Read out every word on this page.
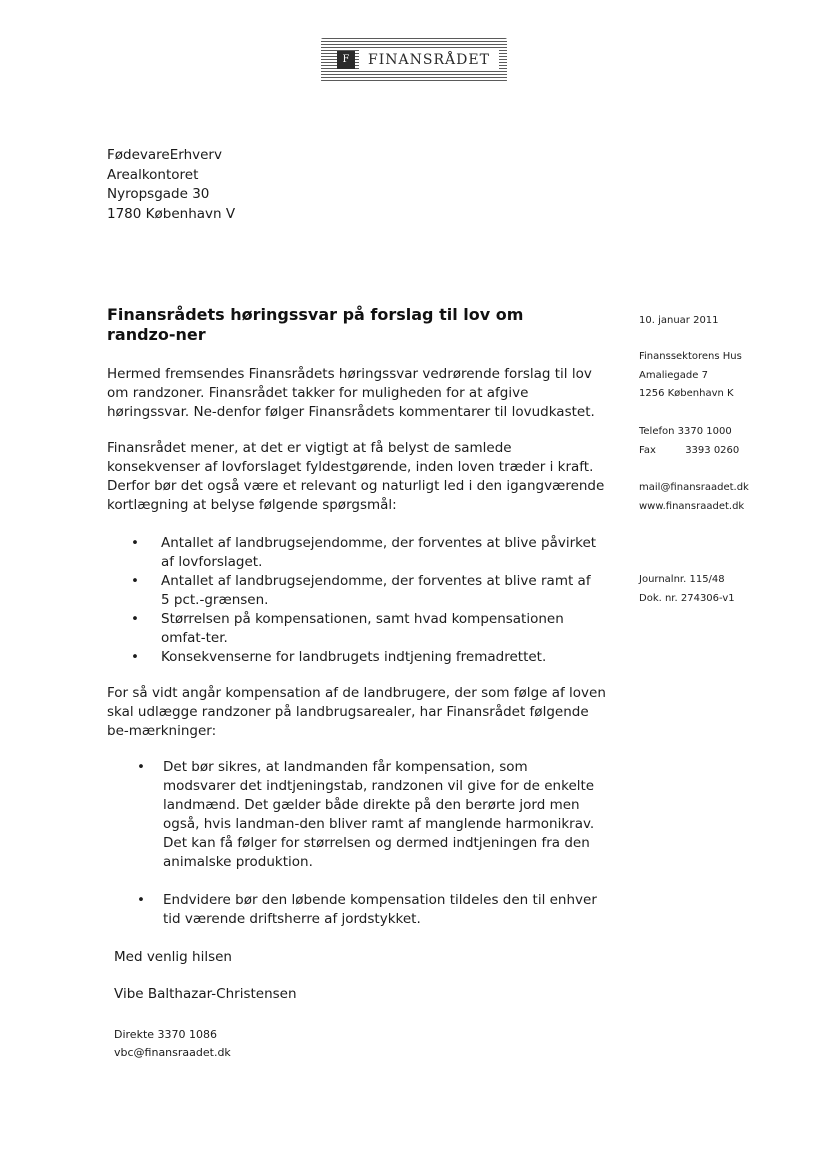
F	FINANSRÅDET
FødevareErhverv
Arealkontoret
Nyropsgade 30
1780 København V
Finansrådets høringssvar på forslag til lov om randzo-ner
Hermed fremsendes Finansrådets høringssvar vedrørende forslag til lov om randzoner. Finansrådet takker for muligheden for at afgive høringssvar. Ne-denfor følger Finansrådets kommentarer til lovudkastet.
Finansrådet mener, at det er vigtigt at få belyst de samlede konsekvenser af lovforslaget fyldestgørende, inden loven træder i kraft. Derfor bør det også være et relevant og naturligt led i den igangværende kortlægning at belyse følgende spørgsmål:
• Antallet af landbrugsejendomme, der forventes at blive påvirket af lovforslaget.
• Antallet af landbrugsejendomme, der forventes at blive ramt af 5 pct.-grænsen.
• Størrelsen på kompensationen, samt hvad kompensationen omfat-ter.
• Konsekvenserne for landbrugets indtjening fremadrettet.
For så vidt angår kompensation af de landbrugere, der som følge af loven skal udlægge randzoner på landbrugsarealer, har Finansrådet følgende be-mærkninger:
• Det bør sikres, at landmanden får kompensation, som modsvarer det indtjeningstab, randzonen vil give for de enkelte landmænd. Det gælder både direkte på den berørte jord men også, hvis landman-den bliver ramt af manglende harmonikrav. Det kan få følger for størrelsen og dermed indtjeningen fra den animalske produktion.
• Endvidere bør den løbende kompensation tildeles den til enhver tid værende driftsherre af jordstykket.
Med venlig hilsen
Vibe Balthazar-Christensen
Direkte 3370 1086
vbc@finansraadet.dk
10. januar 2011
Finanssektorens Hus
Amaliegade 7
1256 København K
Telefon 3370 1000
Fax	3393 0260
mail@finansraadet.dk
www.finansraadet.dk
Journalnr. 115/48
Dok. nr. 274306-v1
